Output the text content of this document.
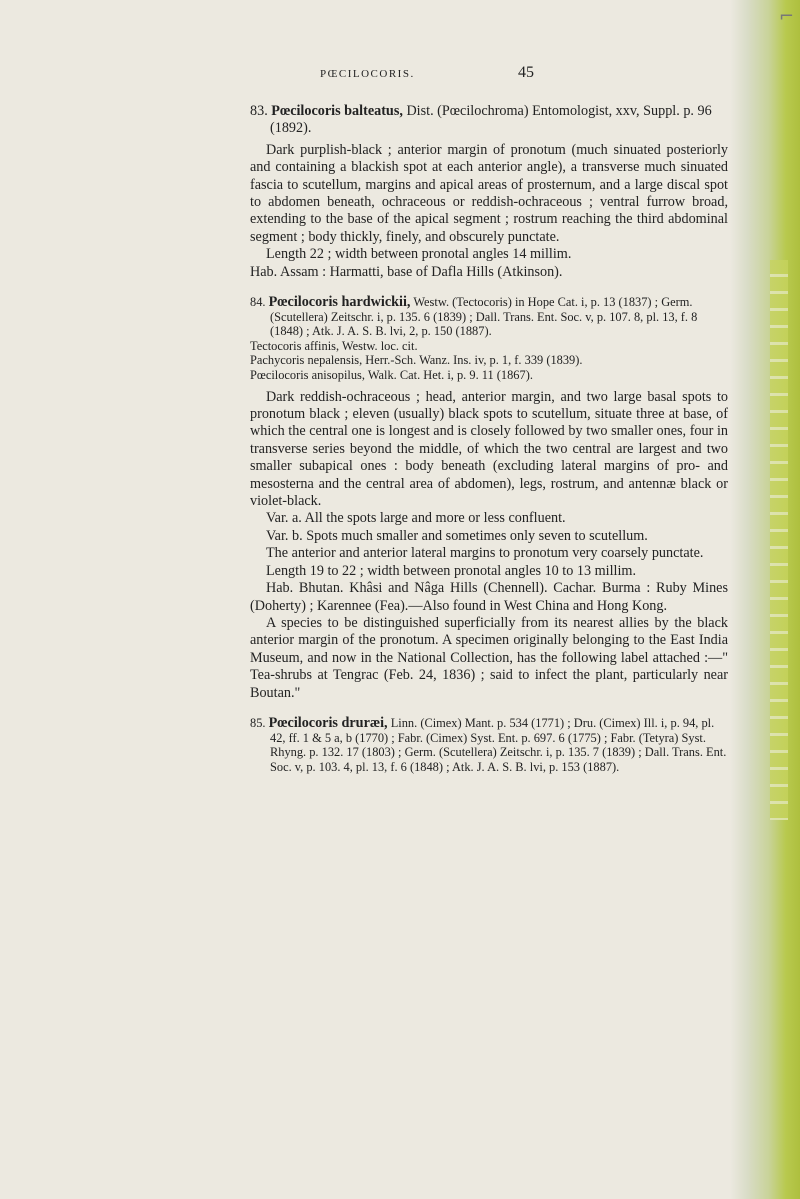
⌐
PŒCILOCORIS.	45

83. Pœcilocoris balteatus, Dist. (Pœcilochroma) Entomologist, xxv, Suppl. p. 96 (1892).

Dark purplish-black ; anterior margin of pronotum (much sinuated posteriorly and containing a blackish spot at each anterior angle), a transverse much sinuated fascia to scutellum, margins and apical areas of prosternum, and a large discal spot to abdomen beneath, ochraceous or reddish-ochraceous ; ventral furrow broad, extending to the base of the apical segment ; rostrum reaching the third abdominal segment ; body thickly, finely, and obscurely punctate.

Length 22 ; width between pronotal angles 14 millim.

Hab. Assam : Harmatti, base of Dafla Hills (Atkinson).

84. Pœcilocoris hardwickii, Westw. (Tectocoris) in Hope Cat. i, p. 13 (1837) ; Germ. (Scutellera) Zeitschr. i, p. 135. 6 (1839) ; Dall. Trans. Ent. Soc. v, p. 107. 8, pl. 13, f. 8 (1848) ; Atk. J. A. S. B. lvi, 2, p. 150 (1887).

Tectocoris affinis, Westw. loc. cit.

Pachycoris nepalensis, Herr.-Sch. Wanz. Ins. iv, p. 1, f. 339 (1839).

Pœcilocoris anisopilus, Walk. Cat. Het. i, p. 9. 11 (1867).

Dark reddish-ochraceous ; head, anterior margin, and two large basal spots to pronotum black ; eleven (usually) black spots to scutellum, situate three at base, of which the central one is longest and is closely followed by two smaller ones, four in transverse series beyond the middle, of which the two central are largest and two smaller subapical ones : body beneath (excluding lateral margins of pro- and mesosterna and the central area of abdomen), legs, rostrum, and antennæ black or violet-black.

Var. a. All the spots large and more or less confluent.

Var. b. Spots much smaller and sometimes only seven to scutellum.

The anterior and anterior lateral margins to pronotum very coarsely punctate.

Length 19 to 22 ; width between pronotal angles 10 to 13 millim.

Hab. Bhutan. Khâsi and Nâga Hills (Chennell). Cachar. Burma : Ruby Mines (Doherty) ; Karennee (Fea).—Also found in West China and Hong Kong.

A species to be distinguished superficially from its nearest allies by the black anterior margin of the pronotum. A specimen originally belonging to the East India Museum, and now in the National Collection, has the following label attached :—" Tea-shrubs at Tengrac (Feb. 24, 1836) ; said to infect the plant, particularly near Boutan."

85. Pœcilocoris druræi, Linn. (Cimex) Mant. p. 534 (1771) ; Dru. (Cimex) Ill. i, p. 94, pl. 42, ff. 1 & 5 a, b (1770) ; Fabr. (Cimex) Syst. Ent. p. 697. 6 (1775) ; Fabr. (Tetyra) Syst. Rhyng. p. 132. 17 (1803) ; Germ. (Scutellera) Zeitschr. i, p. 135. 7 (1839) ; Dall. Trans. Ent. Soc. v, p. 103. 4, pl. 13, f. 6 (1848) ; Atk. J. A. S. B. lvi, p. 153 (1887).
